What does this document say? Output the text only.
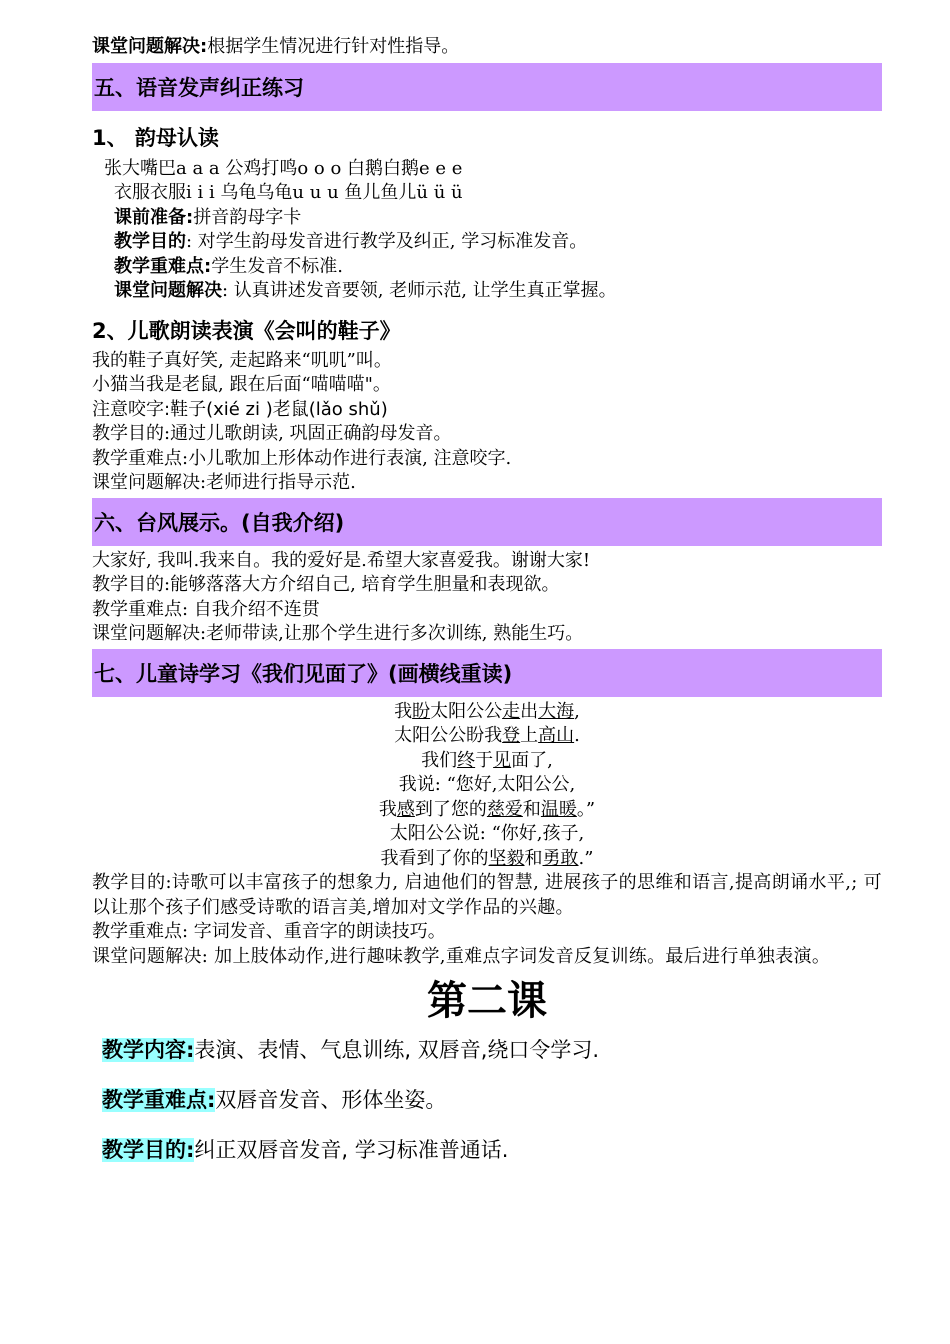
课堂问题解决:根据学生情况进行针对性指导。
五、语音发声纠正练习
1、 韵母认读
张大嘴巴a a a 公鸡打鸣o o o 白鹅白鹅e e e
衣服衣服i i i 乌龟乌龟u u u 鱼儿鱼儿ü ü ü
课前准备:拼音韵母字卡
教学目的: 对学生韵母发音进行教学及纠正, 学习标准发音。
教学重难点:学生发音不标准.
课堂问题解决: 认真讲述发音要领, 老师示范, 让学生真正掌握。
2、儿歌朗读表演《会叫的鞋子》
我的鞋子真好笑, 走起路来“叽叽”叫。
小猫当我是老鼠, 跟在后面“喵喵喵"。
注意咬字:鞋子(xié zi )老鼠(lǎo shǔ)
教学目的:通过儿歌朗读, 巩固正确韵母发音。
教学重难点:小儿歌加上形体动作进行表演, 注意咬字.
课堂问题解决:老师进行指导示范.
六、台风展示。(自我介绍)
大家好, 我叫.我来自。我的爱好是.希望大家喜爱我。谢谢大家!
教学目的:能够落落大方介绍自己, 培育学生胆量和表现欲。
教学重难点: 自我介绍不连贯
课堂问题解决:老师带读,让那个学生进行多次训练, 熟能生巧。
七、儿童诗学习《我们见面了》(画横线重读)
我盼太阳公公走出大海,
太阳公公盼我登上高山.
我们终于见面了,
我说: “您好,太阳公公,
我感到了您的慈爱和温暖。”
太阳公公说: “你好,孩子,
我看到了你的坚毅和勇敢.”
教学目的:诗歌可以丰富孩子的想象力, 启迪他们的智慧, 进展孩子的思维和语言,提高朗诵水平,; 可以让那个孩子们感受诗歌的语言美,增加对文学作品的兴趣。
教学重难点: 字词发音、重音字的朗读技巧。
课堂问题解决: 加上肢体动作,进行趣味教学,重难点字词发音反复训练。最后进行单独表演。
第二课
教学内容:表演、表情、气息训练, 双唇音,绕口令学习.
教学重难点:双唇音发音、形体坐姿。
教学目的:纠正双唇音发音, 学习标准普通话.
